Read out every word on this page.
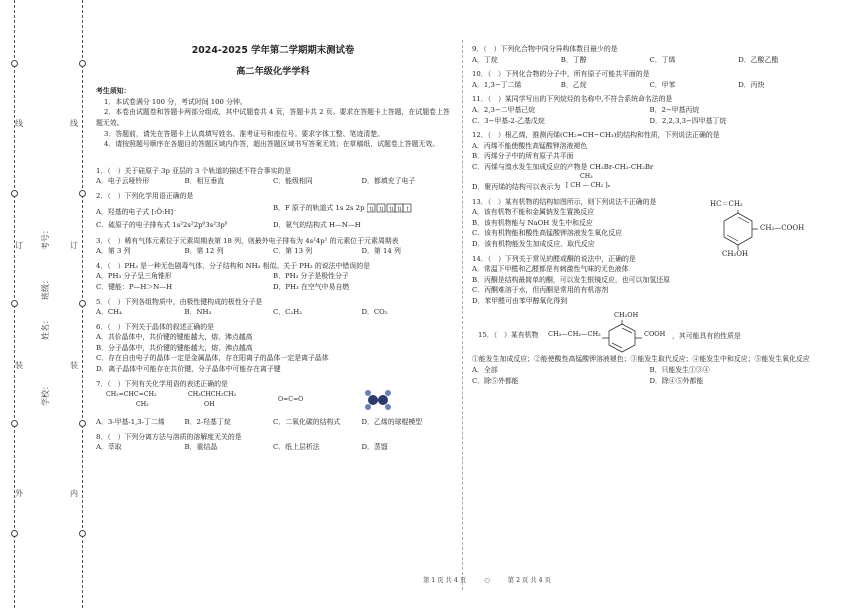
线
订
装
外
学校：
姓名：
班级：
考号：
线
订
装
内
2024-2025 学年第二学期期末测试卷
高二年级化学学科
考生须知：

1．本试卷满分 100 分，考试时间 100 分钟。

2．本卷由试题卷和答题卡两部分组成，其中试题卷共 4 页，答题卡共 2 页。要求在答题卡上答题，在试题卷上答题无效。

3．答题前，请先在答题卡上认真填写姓名、准考证号和座位号。要求字体工整、笔迹清楚。

4．请按照题号顺序在各题目的答题区域内作答，超出答题区域书写答案无效；在草稿纸、试题卷上答题无效。

1．（　）关于硅原子 3p 亚层的 3 个轨道的描述不符合事实的是
A．电子云哑铃形	B．相互垂直	C．能级相同	D．都填充了电子
2．（　）下列化学用语正确的是
A．羟基的电子式 [:Ö:H]⁻	B．F 原子的轨道式 1s 2s 2p ⇅ ⇅ ⇅ ⇅ ↑
C．硫原子的电子排布式 1s²2s²2p⁶3s²3p⁶	D．氨气的结构式 H—N—H
3．（　）稀有气体元素位于元素周期表第 18 列，则最外电子排布为 4s²4p¹ 的元素位于元素周期表
A．第 3 列	B．第 12 列	C．第 13 列	D．第 14 列
4．（　）PH₃ 是一种无色剧毒气体，分子结构和 NH₃ 相似。关于 PH₃ 的说法中错误的是
A．PH₃ 分子呈三角锥形	B．PH₃ 分子是极性分子
C．键能：P—H＞N—H	D．PH₃ 在空气中易自燃
5．（　）下列各组物质中，由极性键构成的极性分子是
A．CH₄	B．NH₃	C．C₂H₂	D．CO₂
6．（　）下列关于晶体的叙述正确的是
A．共价晶体中，共价键的键能越大，熔、沸点越高
B．分子晶体中，共价键的键能越大，熔、沸点越高
C．存在自由电子的晶体一定是金属晶体，存在阳离子的晶体一定是离子晶体
D．离子晶体中可能存在共价键，分子晶体中可能存在离子键
7．（　）下列有关化学用语的表述正确的是
CH₂=CHC=CH₂
CH₃
CH₃CHCH₂CH₃
OH
O=C=O
A．3-甲基-1,3-丁二烯	B．2-羟基丁烷	C．二氧化碳的结构式	D．乙烯的球棍模型
8．（　）下列分离方法与溶质的溶解度无关的是
A．萃取	B．重结晶	C．纸上层析法	D．蒸馏
9．（　）下列化合物中同分异构体数目最少的是
A．丁烷	B．丁醇	C．丁烯	D．乙酸乙酯
10．（　）下列化合物的分子中，所有原子可能共平面的是
A．1,3−丁二烯	B．乙烷	C．甲苯	D．丙炔
11．（　）某同学写出的下列烷烃的名称中,不符合系统命名法的是
A．2,3−二甲基己烷	B．2−甲基丙烷
C．3−甲基-2-乙基戊烷	D．2,2,3,3−四甲基丁烷
12．（　）根乙烯，推测丙烯(CH₂=CH−CH₃)的结构和性质，下列说法正确的是
A．丙烯不能使酸性高锰酸钾溶液褪色
B．丙烯分子中的所有原子共平面
C．丙烯与溴水发生加成反应的产物是 CH₂Br-CH₂-CH₂Br
D．聚丙烯的结构可以表示为
CH₃
[ CH — CH₂ ]ₙ
13．（　）某有机物的结构如图所示，则下列说法不正确的是
A．该有机物不能和金属钠发生置换反应
B．该有机物能与 NaOH 发生中和反应
C．该有机物能和酸性高锰酸钾溶液发生氧化反应
D．该有机物能发生加成反应、取代反应
HC＝CH₂
CH₂—COOH
CH₂OH
14．（　）下列关于常见的醛或酮的说法中，正确的是
A．常温下甲醛和乙醛都是有刺激性气味的无色液体
B．丙酮是结构最简单的酮，可以发生银镜反应，也可以加氢还原
C．丙酮难溶于水，但丙酮是常用的有机溶剂
D．苯甲醛可由苯甲醇氧化得到
15．（　）某有机物 CH₃—CH₂—CH₂
CH₂OH
COOH ，其可能具有的性质是
①能发生加成反应；②能使酸性高锰酸钾溶液褪色；③能发生取代反应；④能发生中和反应；⑤能发生氧化反应
A．全部	B．只能发生①③④
C．除⑤外都能	D．除④⑤外都能
第 1 页 共 4 页	○	第 2 页 共 4 页
